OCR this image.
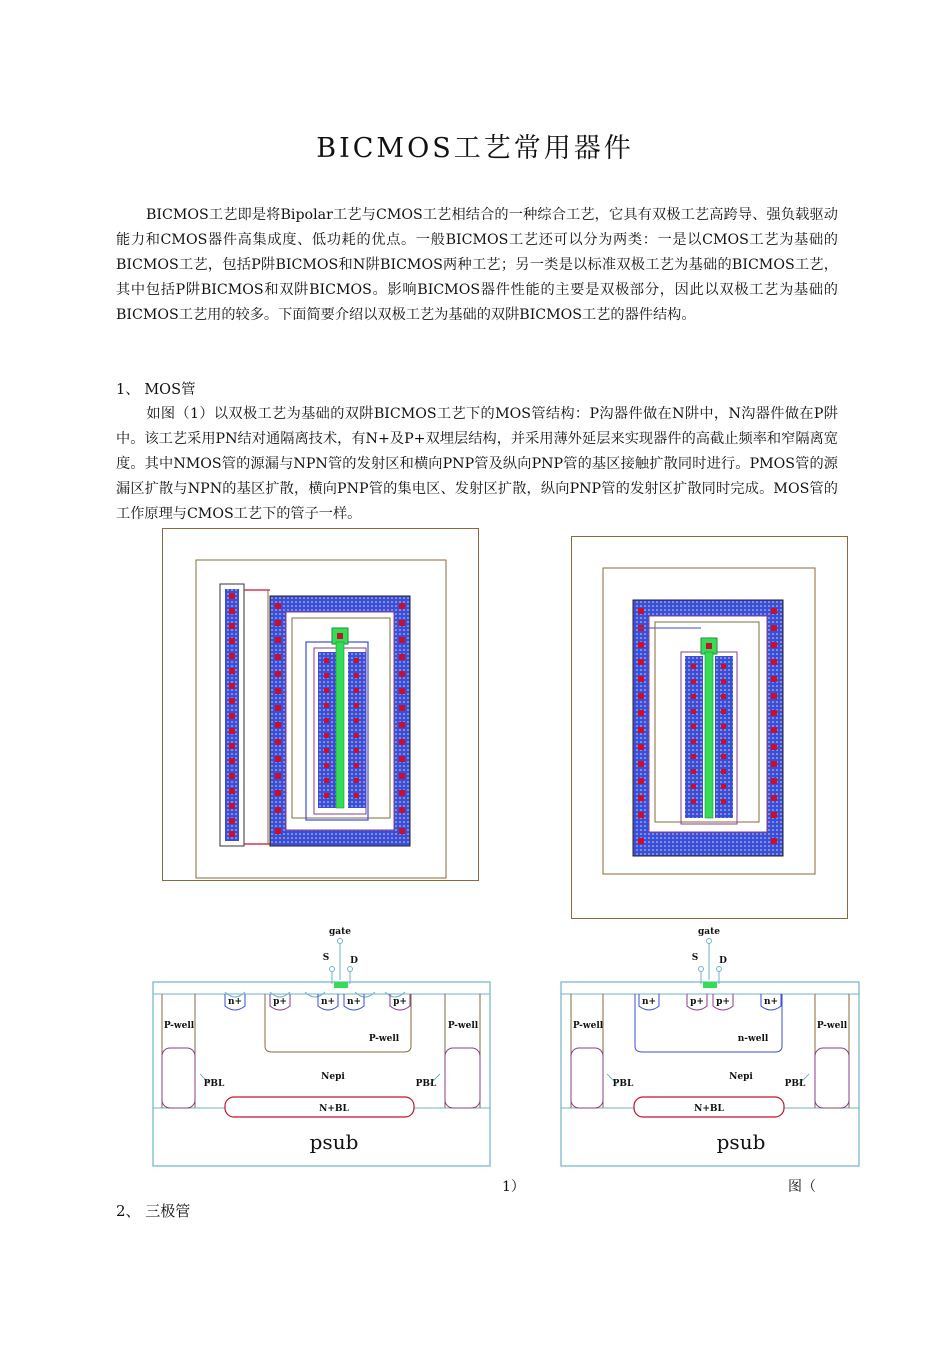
BICMOS工艺常用器件
BICMOS工艺即是将Bipolar工艺与CMOS工艺相结合的一种综合工艺，它具有双极工艺高跨导、强负载驱动能力和CMOS器件高集成度、低功耗的优点。一般BICMOS工艺还可以分为两类：一是以CMOS工艺为基础的BICMOS工艺，包括P阱BICMOS和N阱BICMOS两种工艺；另一类是以标准双极工艺为基础的BICMOS工艺，其中包括P阱BICMOS和双阱BICMOS。影响BICMOS器件性能的主要是双极部分，因此以双极工艺为基础的BICMOS工艺用的较多。下面简要介绍以双极工艺为基础的双阱BICMOS工艺的器件结构。
1、 MOS管
如图（1）以双极工艺为基础的双阱BICMOS工艺下的MOS管结构：P沟器件做在N阱中，N沟器件做在P阱中。该工艺采用PN结对通隔离技术，有N+及P+双埋层结构，并采用薄外延层来实现器件的高截止频率和窄隔离宽度。其中NMOS管的源漏与NPN管的发射区和横向PNP管及纵向PNP管的基区接触扩散同时进行。PMOS管的源漏区扩散与NPN的基区扩散，横向PNP管的集电区、发射区扩散，纵向PNP管的发射区扩散同时完成。MOS管的工作原理与CMOS工艺下的管子一样。
gate
S D
n+	p+	n+ n+	p+
P-well
P-well
P-well
Nepi
PBL	PBL
N+BL
psub
gate
S D
n+	p+ p+	n+
P-well
n-well
P-well
Nepi
PBL	PBL
N+BL
psub
1）	图（
2、 三极管
